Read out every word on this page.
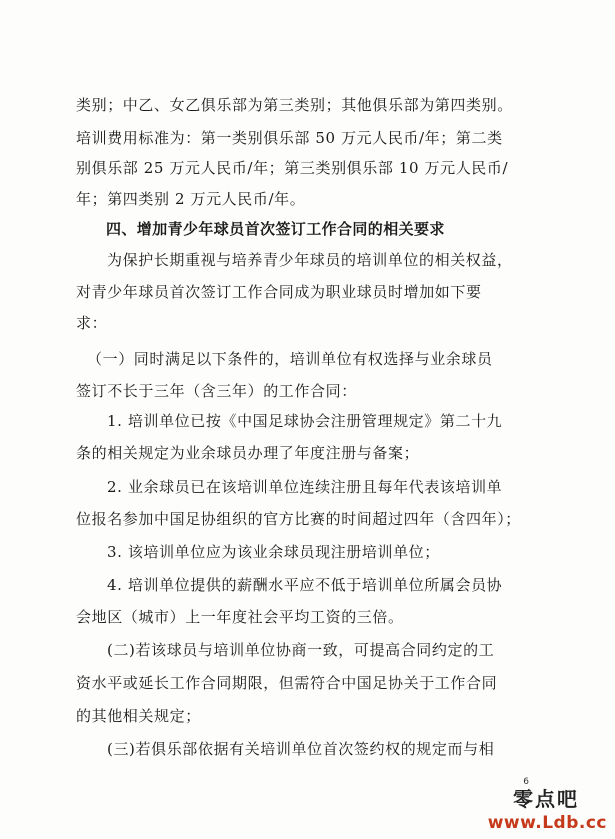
类别；中乙、女乙俱乐部为第三类别；其他俱乐部为第四类别。
培训费用标准为：第一类别俱乐部 50 万元人民币/年；第二类
别俱乐部 25 万元人民币/年；第三类别俱乐部 10 万元人民币/
年；第四类别 2 万元人民币/年。
四、增加青少年球员首次签订工作合同的相关要求
为保护长期重视与培养青少年球员的培训单位的相关权益，
对青少年球员首次签订工作合同成为职业球员时增加如下要
求：
（一）同时满足以下条件的，培训单位有权选择与业余球员
签订不长于三年（含三年）的工作合同：
1. 培训单位已按《中国足球协会注册管理规定》第二十九
条的相关规定为业余球员办理了年度注册与备案；
2. 业余球员已在该培训单位连续注册且每年代表该培训单
位报名参加中国足协组织的官方比赛的时间超过四年（含四年）；
3. 该培训单位应为该业余球员现注册培训单位；
4. 培训单位提供的薪酬水平应不低于培训单位所属会员协
会地区（城市）上一年度社会平均工资的三倍。
(二)若该球员与培训单位协商一致，可提高合同约定的工
资水平或延长工作合同期限，但需符合中国足协关于工作合同
的其他相关规定；
(三)若俱乐部依据有关培训单位首次签约权的规定而与相
零点吧
6
www.Ldb.cc
